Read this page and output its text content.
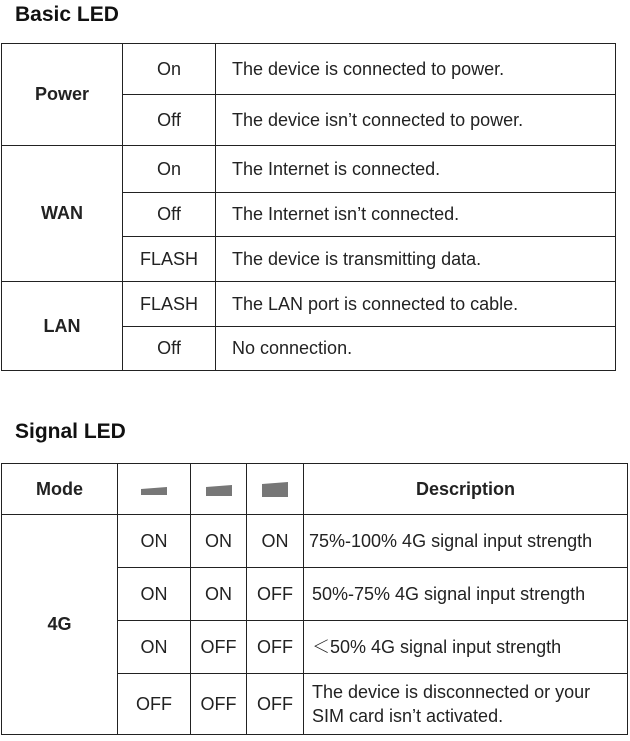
Basic LED
Power	On	The device is connected to power.
	Off	The device isn’t connected to power.
WAN	On	The Internet is connected.
	Off	The Internet isn’t connected.
	FLASH	The device is transmitting data.
LAN	FLASH	The LAN port is connected to cable.
	Off	No connection.
Signal LED
Mode				Description
4G	ON	ON	ON	75%-100% 4G signal input strength
	ON	ON	OFF	50%-75% 4G signal input strength
	ON	OFF	OFF	＜50% 4G signal input strength
	OFF	OFF	OFF	The device is disconnected or your SIM card isn’t activated.
